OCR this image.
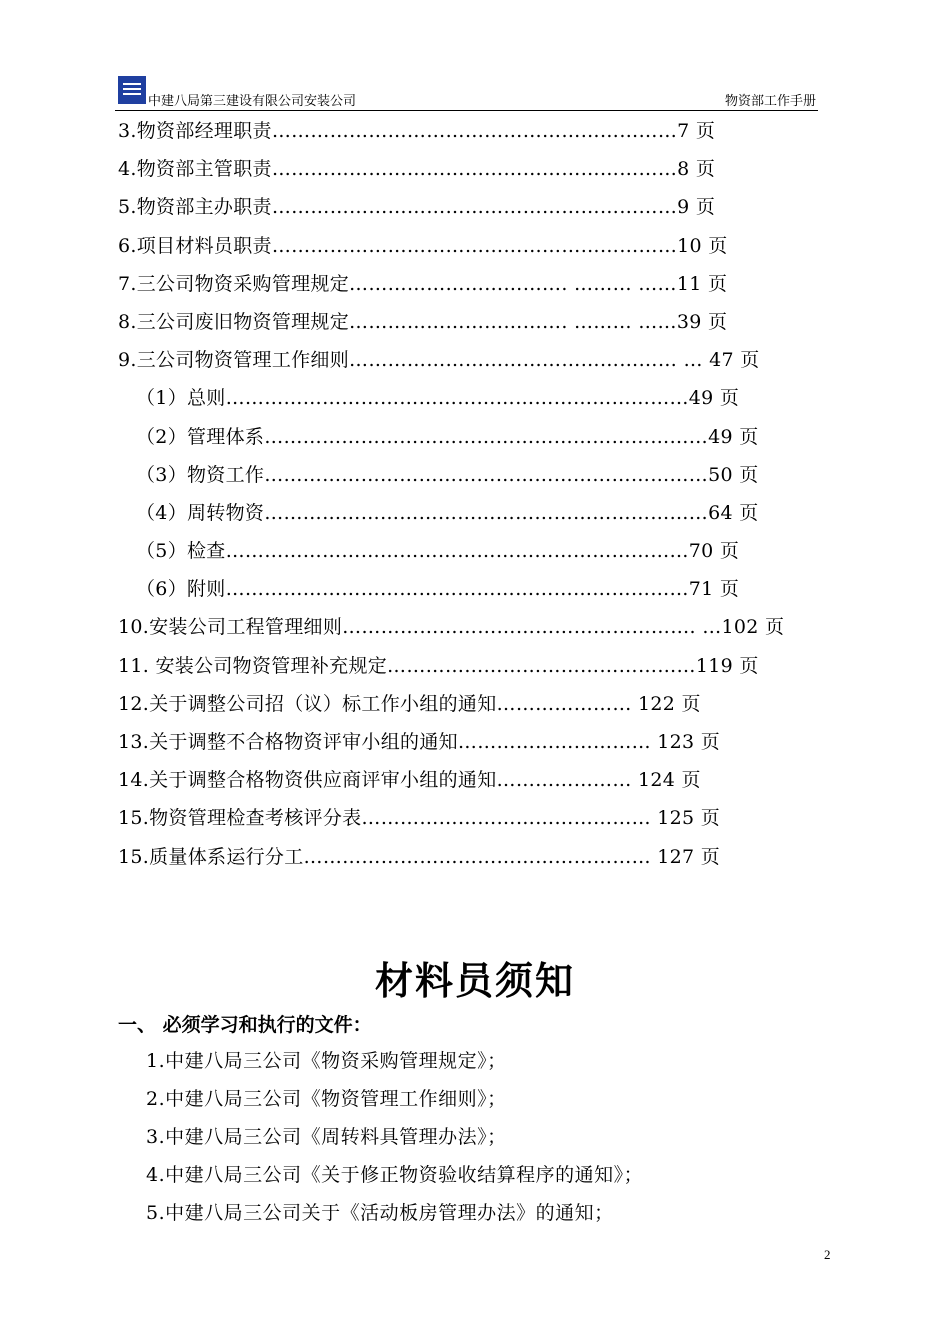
中建八局第三建设有限公司安装公司	物资部工作手册
3.物资部经理职责………………………………………………………7 页
4.物资部主管职责………………………………………………………8 页
5.物资部主办职责………………………………………………………9 页
6.项目材料员职责………………………………………………………10 页
7.三公司物资采购管理规定……………………………. ……… ……11 页
8.三公司废旧物资管理规定……………………………. ……… ……39 页
9.三公司物资管理工作细则…………………………………………… … 47 页
（1）总则………………………………………………………………49 页
（2）管理体系……………………………………………………………49 页
（3）物资工作……………………………………………………………50 页
（4）周转物资……………………………………………………………64 页
（5）检查………………………………………………………………70 页
（6）附则………………………………………………………………71 页
10.安装公司工程管理细则………………………………………………. …102 页
11. 安装公司物资管理补充规定…………………………………………119 页
12.关于调整公司招（议）标工作小组的通知………………… 122 页
13.关于调整不合格物资评审小组的通知………………………… 123 页
14.关于调整合格物资供应商评审小组的通知………………… 124 页
15.物资管理检查考核评分表……………………………………… 125 页
15.质量体系运行分工……………………………………………… 127 页
材料员须知
一、 必须学习和执行的文件：
1.中建八局三公司《物资采购管理规定》；
2.中建八局三公司《物资管理工作细则》；
3.中建八局三公司《周转料具管理办法》；
4.中建八局三公司《关于修正物资验收结算程序的通知》；
5.中建八局三公司关于《活动板房管理办法》的通知；
2
